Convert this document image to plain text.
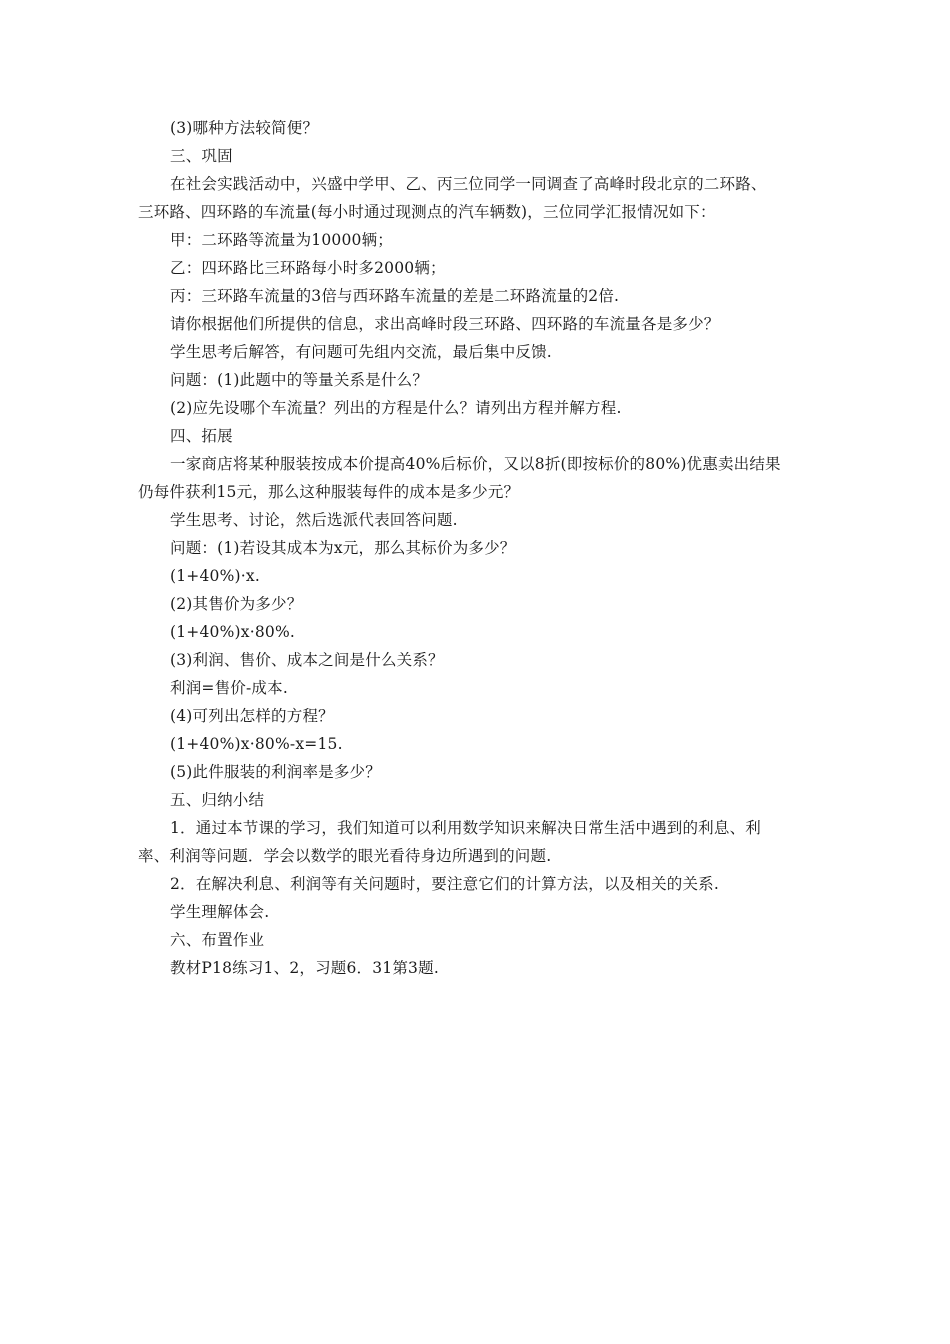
(3)哪种方法较简便？
三、巩固
在社会实践活动中，兴盛中学甲、乙、丙三位同学一同调查了高峰时段北京的二环路、
三环路、四环路的车流量(每小时通过现测点的汽车辆数)，三位同学汇报情况如下：
甲：二环路等流量为10000辆；
乙：四环路比三环路每小时多2000辆；
丙：三环路车流量的3倍与西环路车流量的差是二环路流量的2倍.
请你根据他们所提供的信息，求出高峰时段三环路、四环路的车流量各是多少？
学生思考后解答，有问题可先组内交流，最后集中反馈.
问题：(1)此题中的等量关系是什么？
(2)应先设哪个车流量？列出的方程是什么？请列出方程并解方程.
四、拓展
一家商店将某种服装按成本价提高40%后标价，又以8折(即按标价的80%)优惠卖出结果
仍每件获利15元，那么这种服装每件的成本是多少元？
学生思考、讨论，然后选派代表回答问题.
问题：(1)若设其成本为x元，那么其标价为多少？
(1+40%)·x.
(2)其售价为多少？
(1+40%)x·80%.
(3)利润、售价、成本之间是什么关系？
利润=售价-成本.
(4)可列出怎样的方程？
(1+40%)x·80%-x=15.
(5)此件服装的利润率是多少？
五、归纳小结
1．通过本节课的学习，我们知道可以利用数学知识来解决日常生活中遇到的利息、利
率、利润等问题．学会以数学的眼光看待身边所遇到的问题.
2．在解决利息、利润等有关问题时，要注意它们的计算方法，以及相关的关系.
学生理解体会.
六、布置作业
教材P18练习1、2，习题6．31第3题.
